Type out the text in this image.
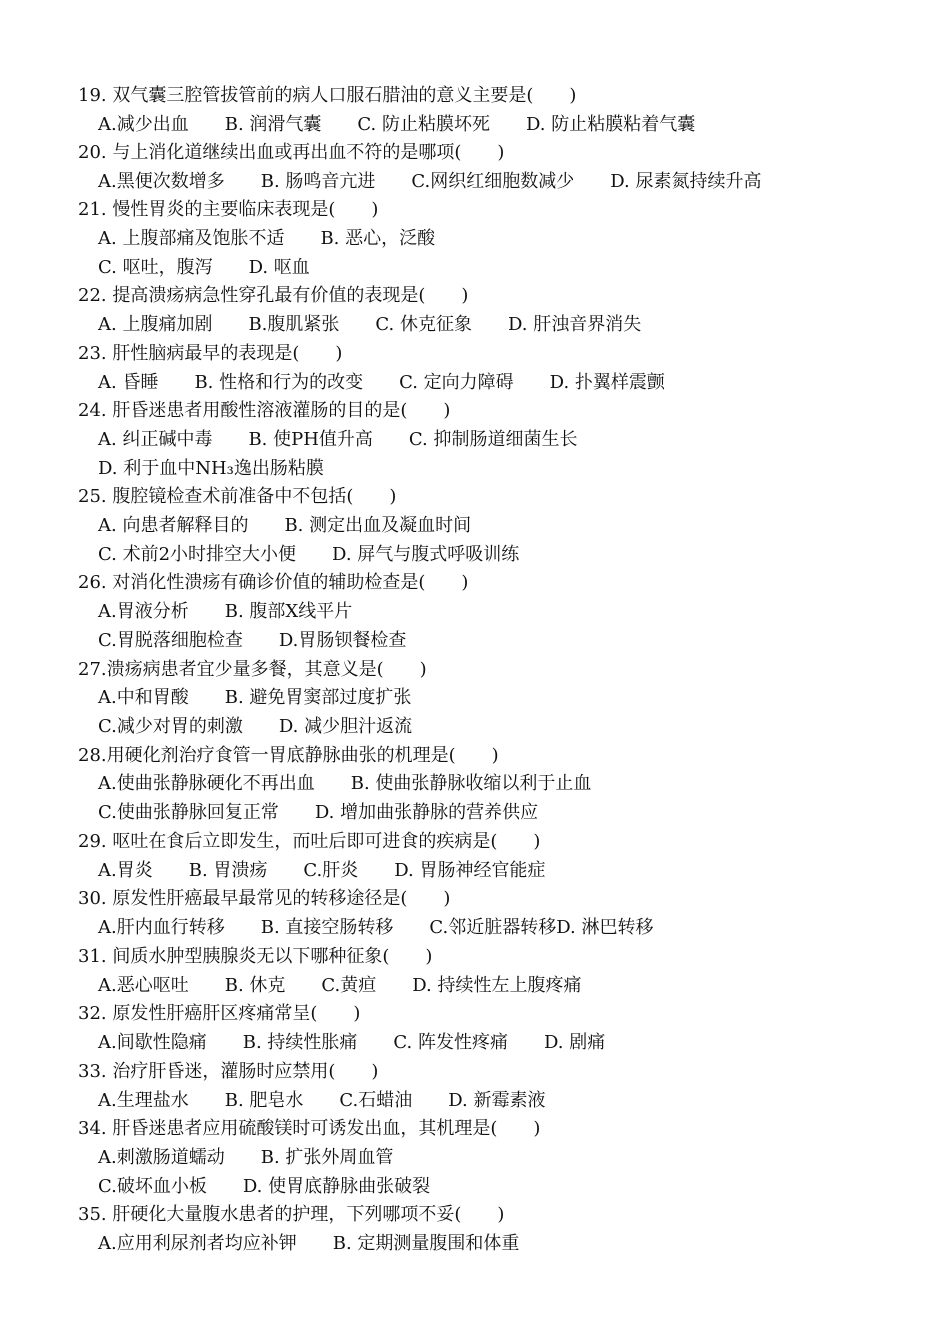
19. 双气囊三腔管拔管前的病人口服石腊油的意义主要是(　　)
A.减少出血　　B. 润滑气囊　　C. 防止粘膜坏死　　D. 防止粘膜粘着气囊
20. 与上消化道继续出血或再出血不符的是哪项(　　)
A.黑便次数增多　　B. 肠鸣音亢进　　C.网织红细胞数减少　　D. 尿素氮持续升高
21. 慢性胃炎的主要临床表现是(　　)
A. 上腹部痛及饱胀不适　　B. 恶心，泛酸
C. 呕吐，腹泻　　D. 呕血
22. 提高溃疡病急性穿孔最有价值的表现是(　　)
A. 上腹痛加剧　　B.腹肌紧张　　C. 休克征象　　D. 肝浊音界消失
23. 肝性脑病最早的表现是(　　)
A. 昏睡　　B. 性格和行为的改变　　C. 定向力障碍　　D. 扑翼样震颤
24. 肝昏迷患者用酸性溶液灌肠的目的是(　　)
A. 纠正碱中毒　　B. 使PH值升高　　C. 抑制肠道细菌生长
D. 利于血中NH₃逸出肠粘膜
25. 腹腔镜检查术前准备中不包括(　　)
A. 向患者解释目的　　B. 测定出血及凝血时间
C. 术前2小时排空大小便　　D. 屏气与腹式呼吸训练
26. 对消化性溃疡有确诊价值的辅助检查是(　　)
A.胃液分析　　B. 腹部X线平片
C.胃脱落细胞检查　　D.胃肠钡餐检查
27.溃疡病患者宜少量多餐，其意义是(　　)
A.中和胃酸　　B. 避免胃窦部过度扩张
C.减少对胃的刺激　　D. 减少胆汁返流
28.用硬化剂治疗食管一胃底静脉曲张的机理是(　　)
A.使曲张静脉硬化不再出血　　B. 使曲张静脉收缩以利于止血
C.使曲张静脉回复正常　　D. 增加曲张静脉的营养供应
29. 呕吐在食后立即发生，而吐后即可进食的疾病是(　　)
A.胃炎　　B. 胃溃疡　　C.肝炎　　D. 胃肠神经官能症
30. 原发性肝癌最早最常见的转移途径是(　　)
A.肝内血行转移　　B. 直接空肠转移　　C.邻近脏器转移D. 淋巴转移
31. 间质水肿型胰腺炎无以下哪种征象(　　)
A.恶心呕吐　　B. 休克　　C.黄疸　　D. 持续性左上腹疼痛
32. 原发性肝癌肝区疼痛常呈(　　)
A.间歇性隐痛　　B. 持续性胀痛　　C. 阵发性疼痛　　D. 剧痛
33. 治疗肝昏迷，灌肠时应禁用(　　)
A.生理盐水　　B. 肥皂水　　C.石蜡油　　D. 新霉素液
34. 肝昏迷患者应用硫酸镁时可诱发出血，其机理是(　　)
A.刺激肠道蠕动　　B. 扩张外周血管
C.破坏血小板　　D. 使胃底静脉曲张破裂
35. 肝硬化大量腹水患者的护理，下列哪项不妥(　　)
A.应用利尿剂者均应补钾　　B. 定期测量腹围和体重
